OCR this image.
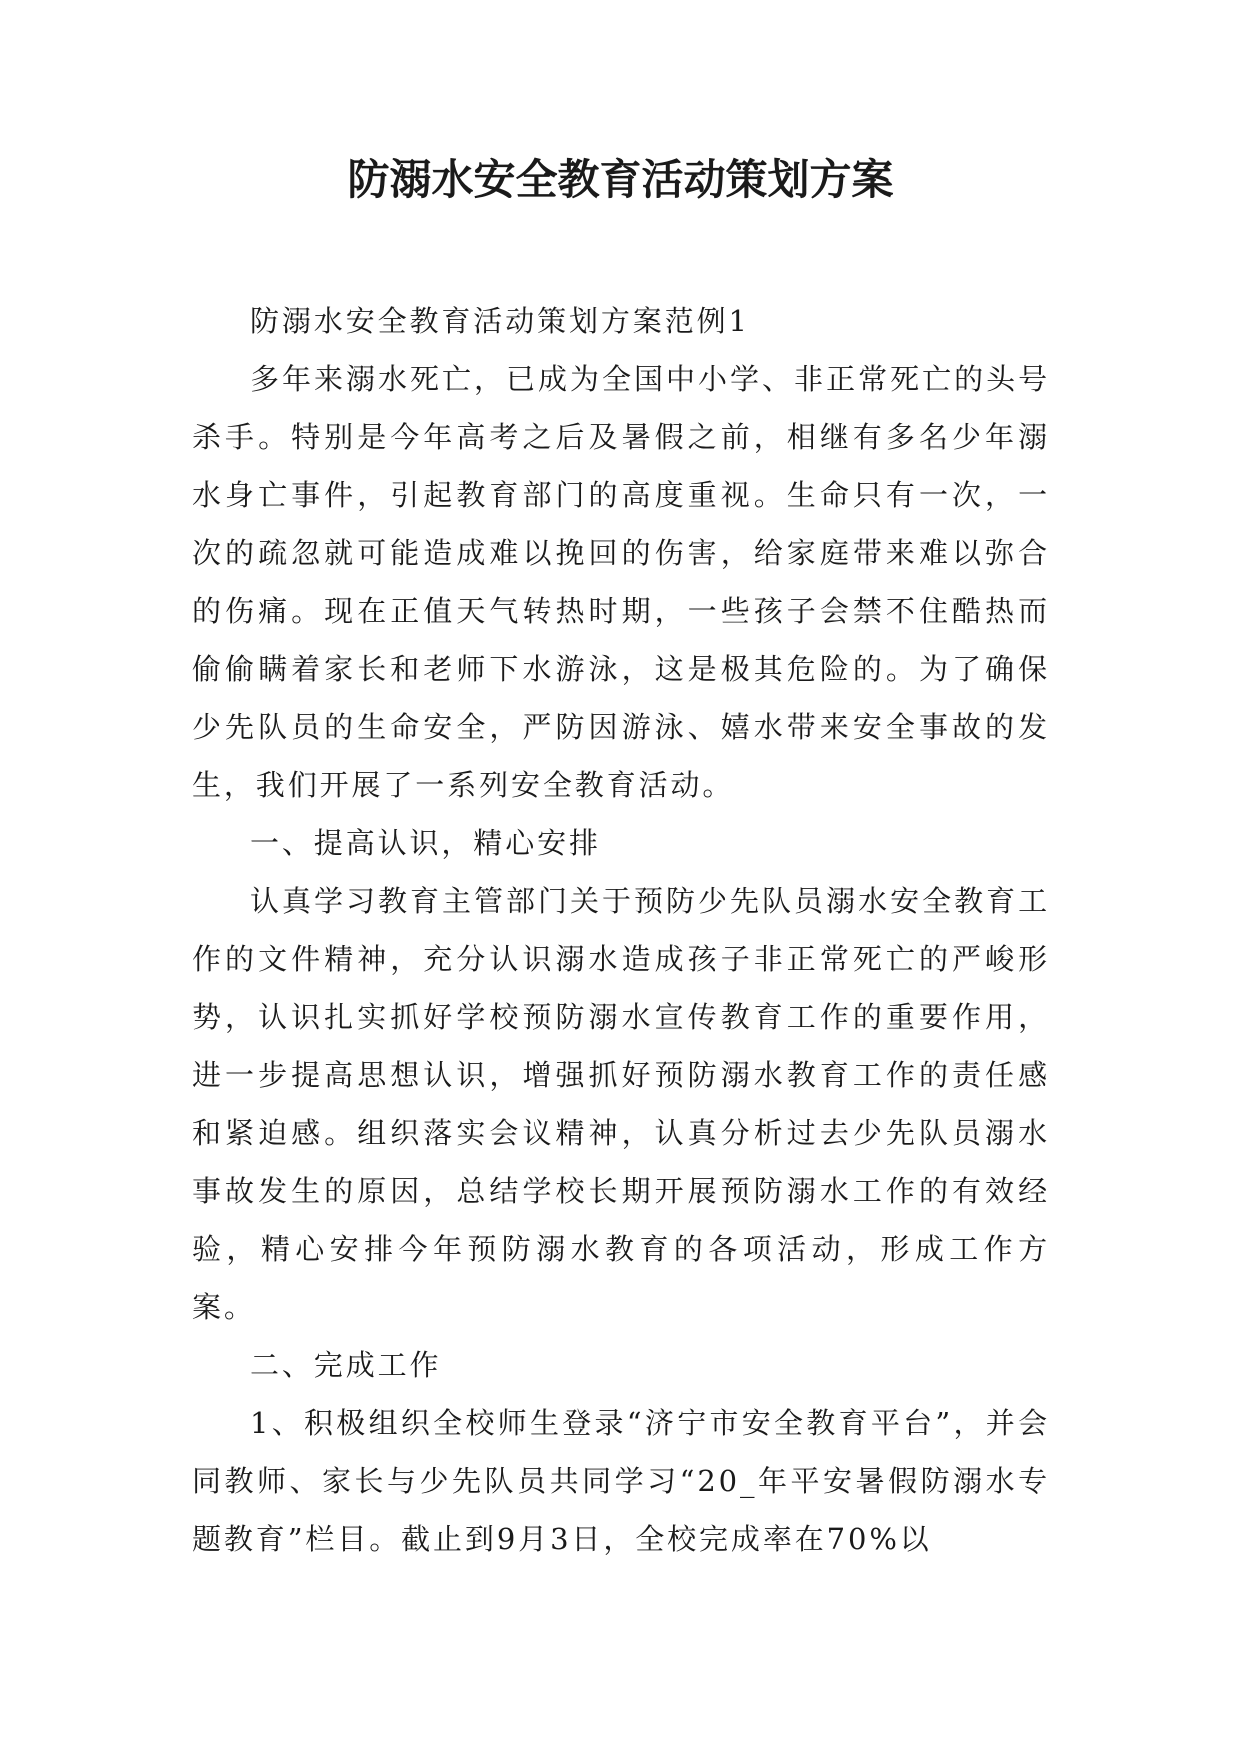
防溺水安全教育活动策划方案

防溺水安全教育活动策划方案范例1

多年来溺水死亡，已成为全国中小学、非正常死亡的头号杀手。特别是今年高考之后及暑假之前，相继有多名少年溺水身亡事件，引起教育部门的高度重视。生命只有一次，一次的疏忽就可能造成难以挽回的伤害，给家庭带来难以弥合的伤痛。现在正值天气转热时期，一些孩子会禁不住酷热而偷偷瞒着家长和老师下水游泳，这是极其危险的。为了确保少先队员的生命安全，严防因游泳、嬉水带来安全事故的发生，我们开展了一系列安全教育活动。

一、提高认识，精心安排

认真学习教育主管部门关于预防少先队员溺水安全教育工作的文件精神，充分认识溺水造成孩子非正常死亡的严峻形势，认识扎实抓好学校预防溺水宣传教育工作的重要作用，进一步提高思想认识，增强抓好预防溺水教育工作的责任感和紧迫感。组织落实会议精神，认真分析过去少先队员溺水事故发生的原因，总结学校长期开展预防溺水工作的有效经验，精心安排今年预防溺水教育的各项活动，形成工作方案。

二、完成工作

1、积极组织全校师生登录“济宁市安全教育平台”，并会同教师、家长与少先队员共同学习“20_年平安暑假防溺水专题教育”栏目。截止到9月3日，全校完成率在70%以
